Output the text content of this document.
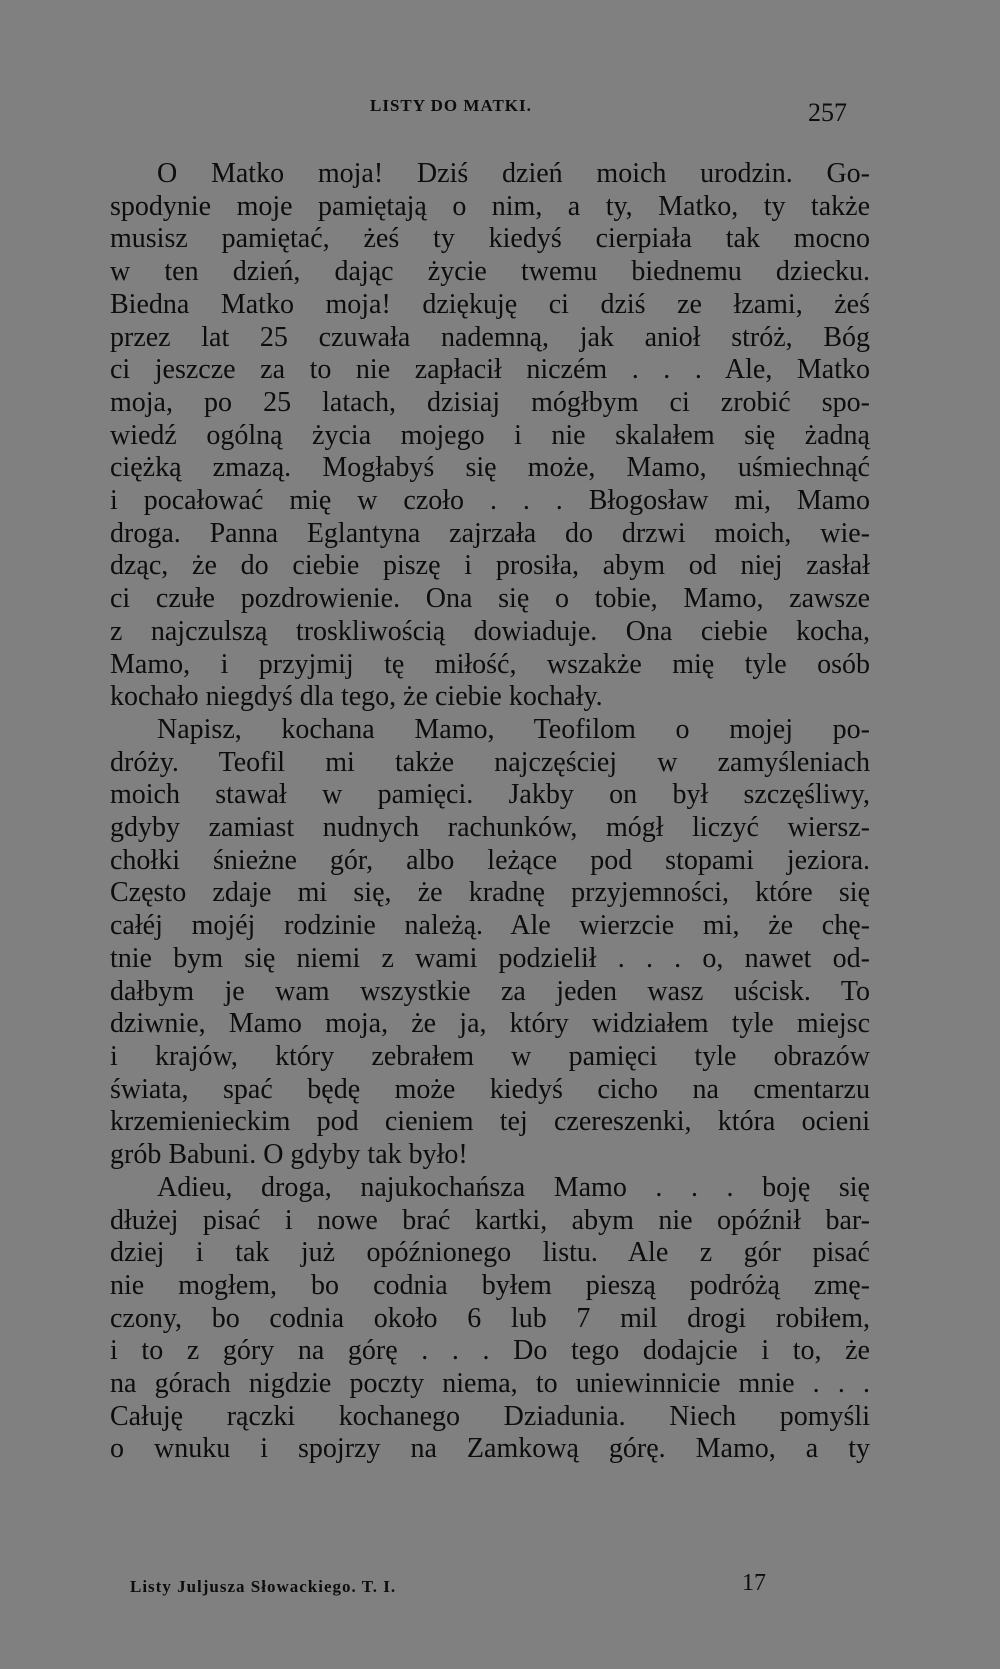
LISTY DO MATKI.	257
O Matko moja! Dziś dzień moich urodzin. Go-
spodynie moje pamiętają o nim, a ty, Matko, ty także
musisz pamiętać, żeś ty kiedyś cierpiała tak mocno
w ten dzień, dając życie twemu biednemu dziecku.
Biedna Matko moja! dziękuję ci dziś ze łzami, żeś
przez lat 25 czuwała nademną, jak anioł stróż, Bóg
ci jeszcze za to nie zapłacił niczém . . . Ale, Matko
moja, po 25 latach, dzisiaj mógłbym ci zrobić spo-
wiedź ogólną życia mojego i nie skalałem się żadną
ciężką zmazą. Mogłabyś się może, Mamo, uśmiechnąć
i pocałować mię w czoło . . . Błogosław mi, Mamo
droga. Panna Eglantyna zajrzała do drzwi moich, wie-
dząc, że do ciebie piszę i prosiła, abym od niej zasłał
ci czułe pozdrowienie. Ona się o tobie, Mamo, zawsze
z najczulszą troskliwością dowiaduje. Ona ciebie kocha,
Mamo, i przyjmij tę miłość, wszakże mię tyle osób
kochało niegdyś dla tego, że ciebie kochały.
Napisz, kochana Mamo, Teofilom o mojej po-
dróży. Teofil mi także najczęściej w zamyśleniach
moich stawał w pamięci. Jakby on był szczęśliwy,
gdyby zamiast nudnych rachunków, mógł liczyć wiersz-
chołki śnieżne gór, albo leżące pod stopami jeziora.
Często zdaje mi się, że kradnę przyjemności, które się
całéj mojéj rodzinie należą. Ale wierzcie mi, że chę-
tnie bym się niemi z wami podzielił . . . o, nawet od-
dałbym je wam wszystkie za jeden wasz uścisk. To
dziwnie, Mamo moja, że ja, który widziałem tyle miejsc
i krajów, który zebrałem w pamięci tyle obrazów
świata, spać będę może kiedyś cicho na cmentarzu
krzemienieckim pod cieniem tej czereszenki, która ocieni
grób Babuni. O gdyby tak było!
Adieu, droga, najukochańsza Mamo . . . boję się
dłużej pisać i nowe brać kartki, abym nie opóźnił bar-
dziej i tak już opóźnionego listu. Ale z gór pisać
nie mogłem, bo codnia byłem pieszą podróżą zmę-
czony, bo codnia około 6 lub 7 mil drogi robiłem,
i to z góry na górę . . . Do tego dodajcie i to, że
na górach nigdzie poczty niema, to uniewinnicie mnie . . .
Całuję rączki kochanego Dziadunia. Niech pomyśli
o wnuku i spojrzy na Zamkową górę. Mamo, a ty
Listy Juljusza Słowackiego. T. I.	17
